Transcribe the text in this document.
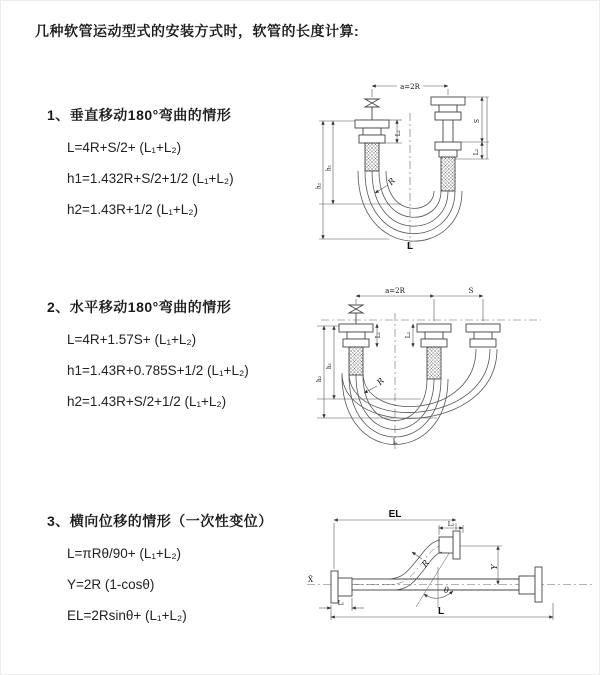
几种软管运动型式的安装方式时，软管的长度计算:
1、垂直移动180°弯曲的情形
L=4R+S/2+ (L₁+L₂)
h1=1.432R+S/2+1/2 (L₁+L₂)
h2=1.43R+1/2 (L₁+L₂)
2、水平移动180°弯曲的情形
L=4R+1.57S+ (L₁+L₂)
h1=1.43R+0.785S+1/2 (L₁+L₂)
h2=1.43R+S/2+1/2 (L₁+L₂)
3、横向位移的情形（一次性变位）
L=πRθ/90+ (L₁+L₂)
Y=2R (1-cosθ)
EL=2Rsinθ+ (L₁+L₂)
a=2R
h₁
h₂
L₁
S
L₂
R
L
a=2R	S
h₁
h₂
L₁	L₂
R
L
EL
L₂
Y
θ
R
L₁
L
X̄
